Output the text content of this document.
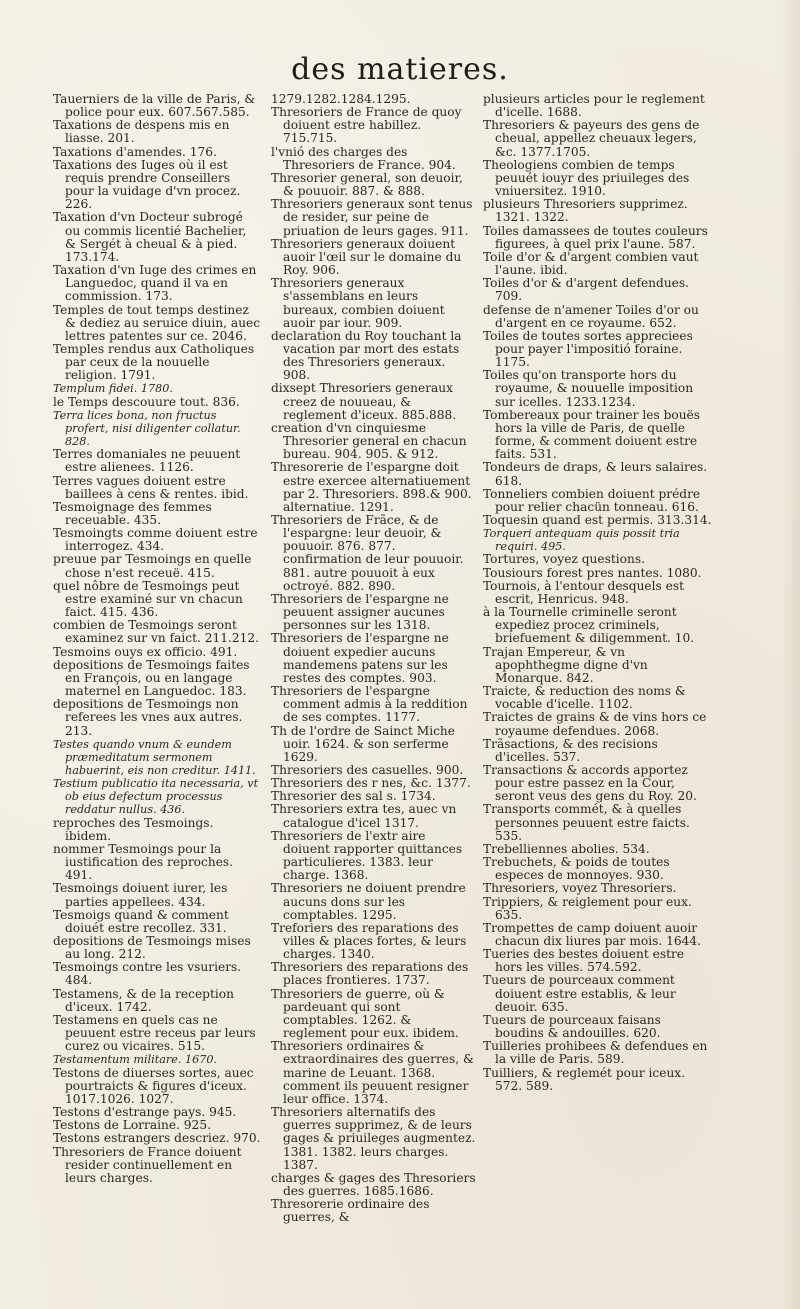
des matieres.

Tauerniers de la ville de Paris, & police pour eux. 607.567.585.

Taxations de despens mis en liasse. 201.

Taxations d'amendes. 176.

Taxations des Iuges où il est requis prendre Conseillers pour la vuidage d'vn procez. 226.

Taxation d'vn Docteur subrogé ou commis licentié Bachelier, & Sergét à cheual & à pied. 173.174.

Taxation d'vn Iuge des crimes en Languedoc, quand il va en commission. 173.

Temples de tout temps destinez & dediez au seruice diuin, auec lettres patentes sur ce. 2046.

Temples rendus aux Catholiques par ceux de la nouuelle religion. 1791.

Templum fidei. 1780.

le Temps descouure tout. 836.

Terra lices bona, non fructus profert, nisi diligenter collatur. 828.

Terres domaniales ne peuuent estre alienees. 1126.

Terres vagues doiuent estre baillees à cens & rentes. ibid.

Tesmoignage des femmes receuable. 435.

Tesmoingts comme doiuent estre interrogez. 434.

preuue par Tesmoings en quelle chose n'est receuë. 415.

quel nôbre de Tesmoings peut estre examiné sur vn chacun faict. 415. 436.

combien de Tesmoings seront examinez sur vn faict. 211.212.

Tesmoins ouys ex officio. 491.

depositions de Tesmoings faites en François, ou en langage maternel en Languedoc. 183.

depositions de Tesmoings non referees les vnes aux autres. 213.

Testes quando vnum & eundem præmeditatum sermonem habuerint, eis non creditur. 1411.

Testium publicatio ita necessaria, vt ob eius defectum processus reddatur nullus. 436.

reproches des Tesmoings. ibidem.

nommer Tesmoings pour la iustification des reproches. 491.

Tesmoings doiuent iurer, les parties appellees. 434.

Tesmoigs quand & comment doiuét estre recollez. 331.

depositions de Tesmoings mises au long. 212.

Tesmoings contre les vsuriers. 484.

Testamens, & de la reception d'iceux. 1742.

Testamens en quels cas ne peuuent estre receus par leurs curez ou vicaires. 515.

Testamentum militare. 1670.

Testons de diuerses sortes, auec pourtraicts & figures d'iceux. 1017.1026. 1027.

Testons d'estrange pays. 945.

Testons de Lorraine. 925.

Testons estrangers descriez. 970.

Thresoriers de France doiuent resider continuellement en leurs charges.

1279.1282.1284.1295.

Thresoriers de France de quoy doiuent estre habillez. 715.715.

l'vnió des charges des Thresoriers de France. 904.

Thresorier general, son deuoir, & pouuoir. 887. & 888.

Thresoriers generaux sont tenus de resider, sur peine de priuation de leurs gages. 911.

Thresoriers generaux doiuent auoir l'œil sur le domaine du Roy. 906.

Thresoriers generaux s'assemblans en leurs bureaux, combien doiuent auoir par iour. 909.

declaration du Roy touchant la vacation par mort des estats des Thresoriers generaux. 908.

dixsept Thresoriers generaux creez de nouueau, & reglement d'iceux. 885.888.

creation d'vn cinquiesme Thresorier general en chacun bureau. 904. 905. & 912.

Thresorerie de l'espargne doit estre exercee alternatiuement par 2. Thresoriers. 898.& 900. alternatiue. 1291.

Thresoriers de Frãce, & de l'espargne: leur deuoir, & pouuoir. 876. 877. confirmation de leur pouuoir. 881. autre pouuoit à eux octroyé. 882. 890.

Thresoriers de l'espargne ne peuuent assigner aucunes personnes sur les 1318.

Thresoriers de l'espargne ne doiuent expedier aucuns mandemens patens sur les restes des comptes. 903.

Thresoriers de l'espargne comment admis à la reddition de ses comptes. 1177.

Th de l'ordre de Sainct Miche uoir. 1624. & son serferme 1629.

Thresoriers des casuelles. 900.

Thresoriers des r nes, &c. 1377.

Thresorier des sal s. 1734.

Thresoriers extra tes, auec vn catalogue d'icel 1317.

Thresoriers de l'extr aire doiuent rapporter quittances particulieres. 1383. leur charge. 1368.

Thresoriers ne doiuent prendre aucuns dons sur les comptables. 1295.

Treforiers des reparations des villes & places fortes, & leurs charges. 1340.

Thresoriers des reparations des places frontieres. 1737.

Thresoriers de guerre, où & pardeuant qui sont comptables. 1262. & reglement pour eux. ibidem.

Thresoriers ordinaires & extraordinaires des guerres, & marine de Leuant. 1368. comment ils peuuent resigner leur office. 1374.

Thresoriers alternatifs des guerres supprimez, & de leurs gages & priuileges augmentez. 1381. 1382. leurs charges. 1387.

charges & gages des Thresoriers des guerres. 1685.1686.

Thresorerie ordinaire des guerres, &

plusieurs articles pour le reglement d'icelle. 1688.

Thresoriers & payeurs des gens de cheual, appellez cheuaux legers, &c. 1377.1705.

Theologiens combien de temps peuuét iouyr des priuileges des vniuersitez. 1910.

plusieurs Thresoriers supprimez. 1321. 1322.

Toiles damassees de toutes couleurs figurees, à quel prix l'aune. 587.

Toile d'or & d'argent combien vaut l'aune. ibid.

Toiles d'or & d'argent defendues. 709.

defense de n'amener Toiles d'or ou d'argent en ce royaume. 652.

Toiles de toutes sortes appreciees pour payer l'impositió foraine. 1175.

Toiles qu'on transporte hors du royaume, & nouuelle imposition sur icelles. 1233.1234.

Tombereaux pour trainer les bouës hors la ville de Paris, de quelle forme, & comment doiuent estre faits. 531.

Tondeurs de draps, & leurs salaires. 618.

Tonneliers combien doiuent prédre pour relier chacün tonneau. 616.

Toquesin quand est permis. 313.314.

Torqueri antequam quis possit tria requiri. 495.

Tortures, voyez questions.

Tousiours forest pres nantes. 1080.

Tournois, à l'entour desquels est escrit, Henricus. 948.

à la Tournelle criminelle seront expediez procez criminels, briefuement & diligemment. 10.

Trajan Empereur, & vn apophthegme digne d'vn Monarque. 842.

Traicte, & reduction des noms & vocable d'icelle. 1102.

Traictes de grains & de vins hors ce royaume defendues. 2068.

Trãsactions, & des recisions d'icelles. 537.

Transactions & accords apportez pour estre passez en la Cour, seront veus des gens du Roy. 20.

Transports commét, & à quelles personnes peuuent estre faicts. 535.

Trebelliennes abolies. 534.

Trebuchets, & poids de toutes especes de monnoyes. 930.

Thresoriers, voyez Thresoriers.

Trippiers, & reiglement pour eux. 635.

Trompettes de camp doiuent auoir chacun dix liures par mois. 1644.

Tueries des bestes doiuent estre hors les villes. 574.592.

Tueurs de pourceaux comment doiuent estre establis, & leur deuoir. 635.

Tueurs de pourceaux faisans boudins & andouilles. 620.

Tuilleries prohibees & defendues en la ville de Paris. 589.

Tuilliers, & reglemét pour iceux. 572. 589.
